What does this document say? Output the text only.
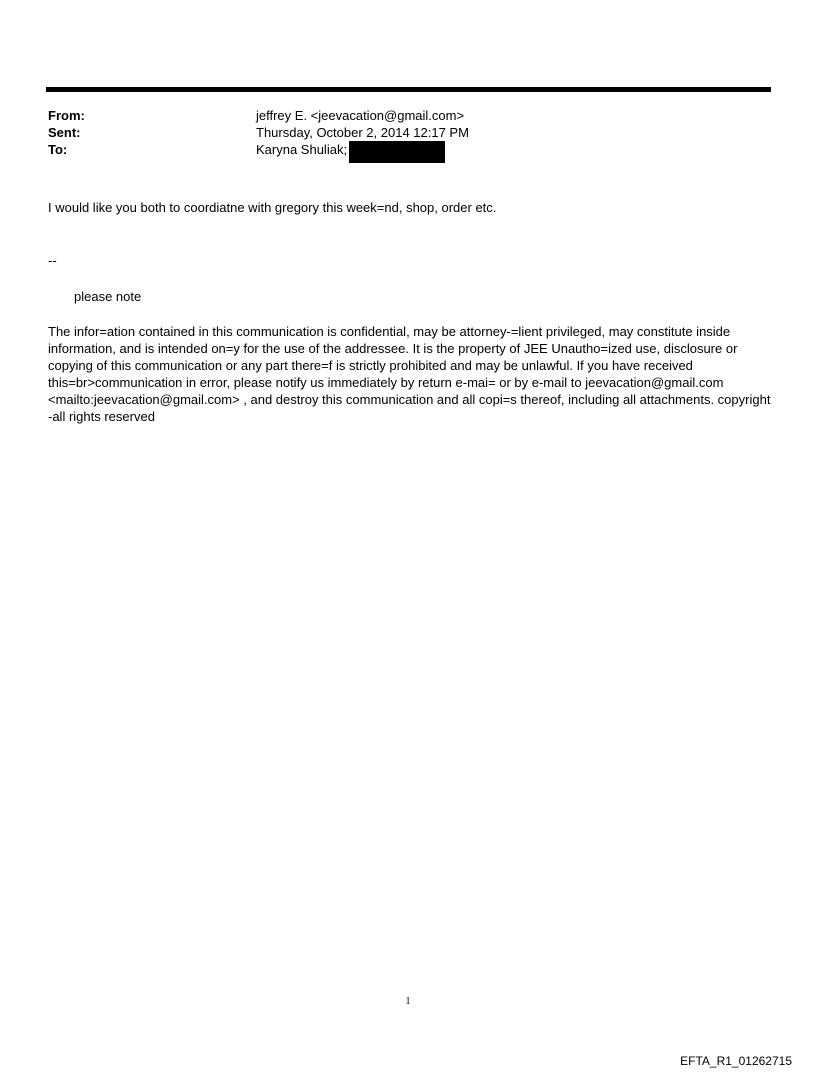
From:	jeffrey E. <jeevacation@gmail.com>
Sent:	Thursday, October 2, 2014 12:17 PM
To:	Karyna Shuliak;
I would like you both to coordiatne with gregory this week=nd, shop, order etc.
--
please note
The infor=ation contained in this communication is confidential, may be attorney-=lient privileged, may constitute inside information, and is intended on=y for the use of the addressee. It is the property of JEE Unautho=ized use, disclosure or copying of this communication or any part there=f is strictly prohibited and may be unlawful. If you have received this=br>communication in error, please notify us immediately by return e-mai= or by e-mail to jeevacation@gmail.com <mailto:jeevacation@gmail.com> , and destroy this communication and all copi=s thereof, including all attachments. copyright -all rights reserved
1
EFTA_R1_01262715
